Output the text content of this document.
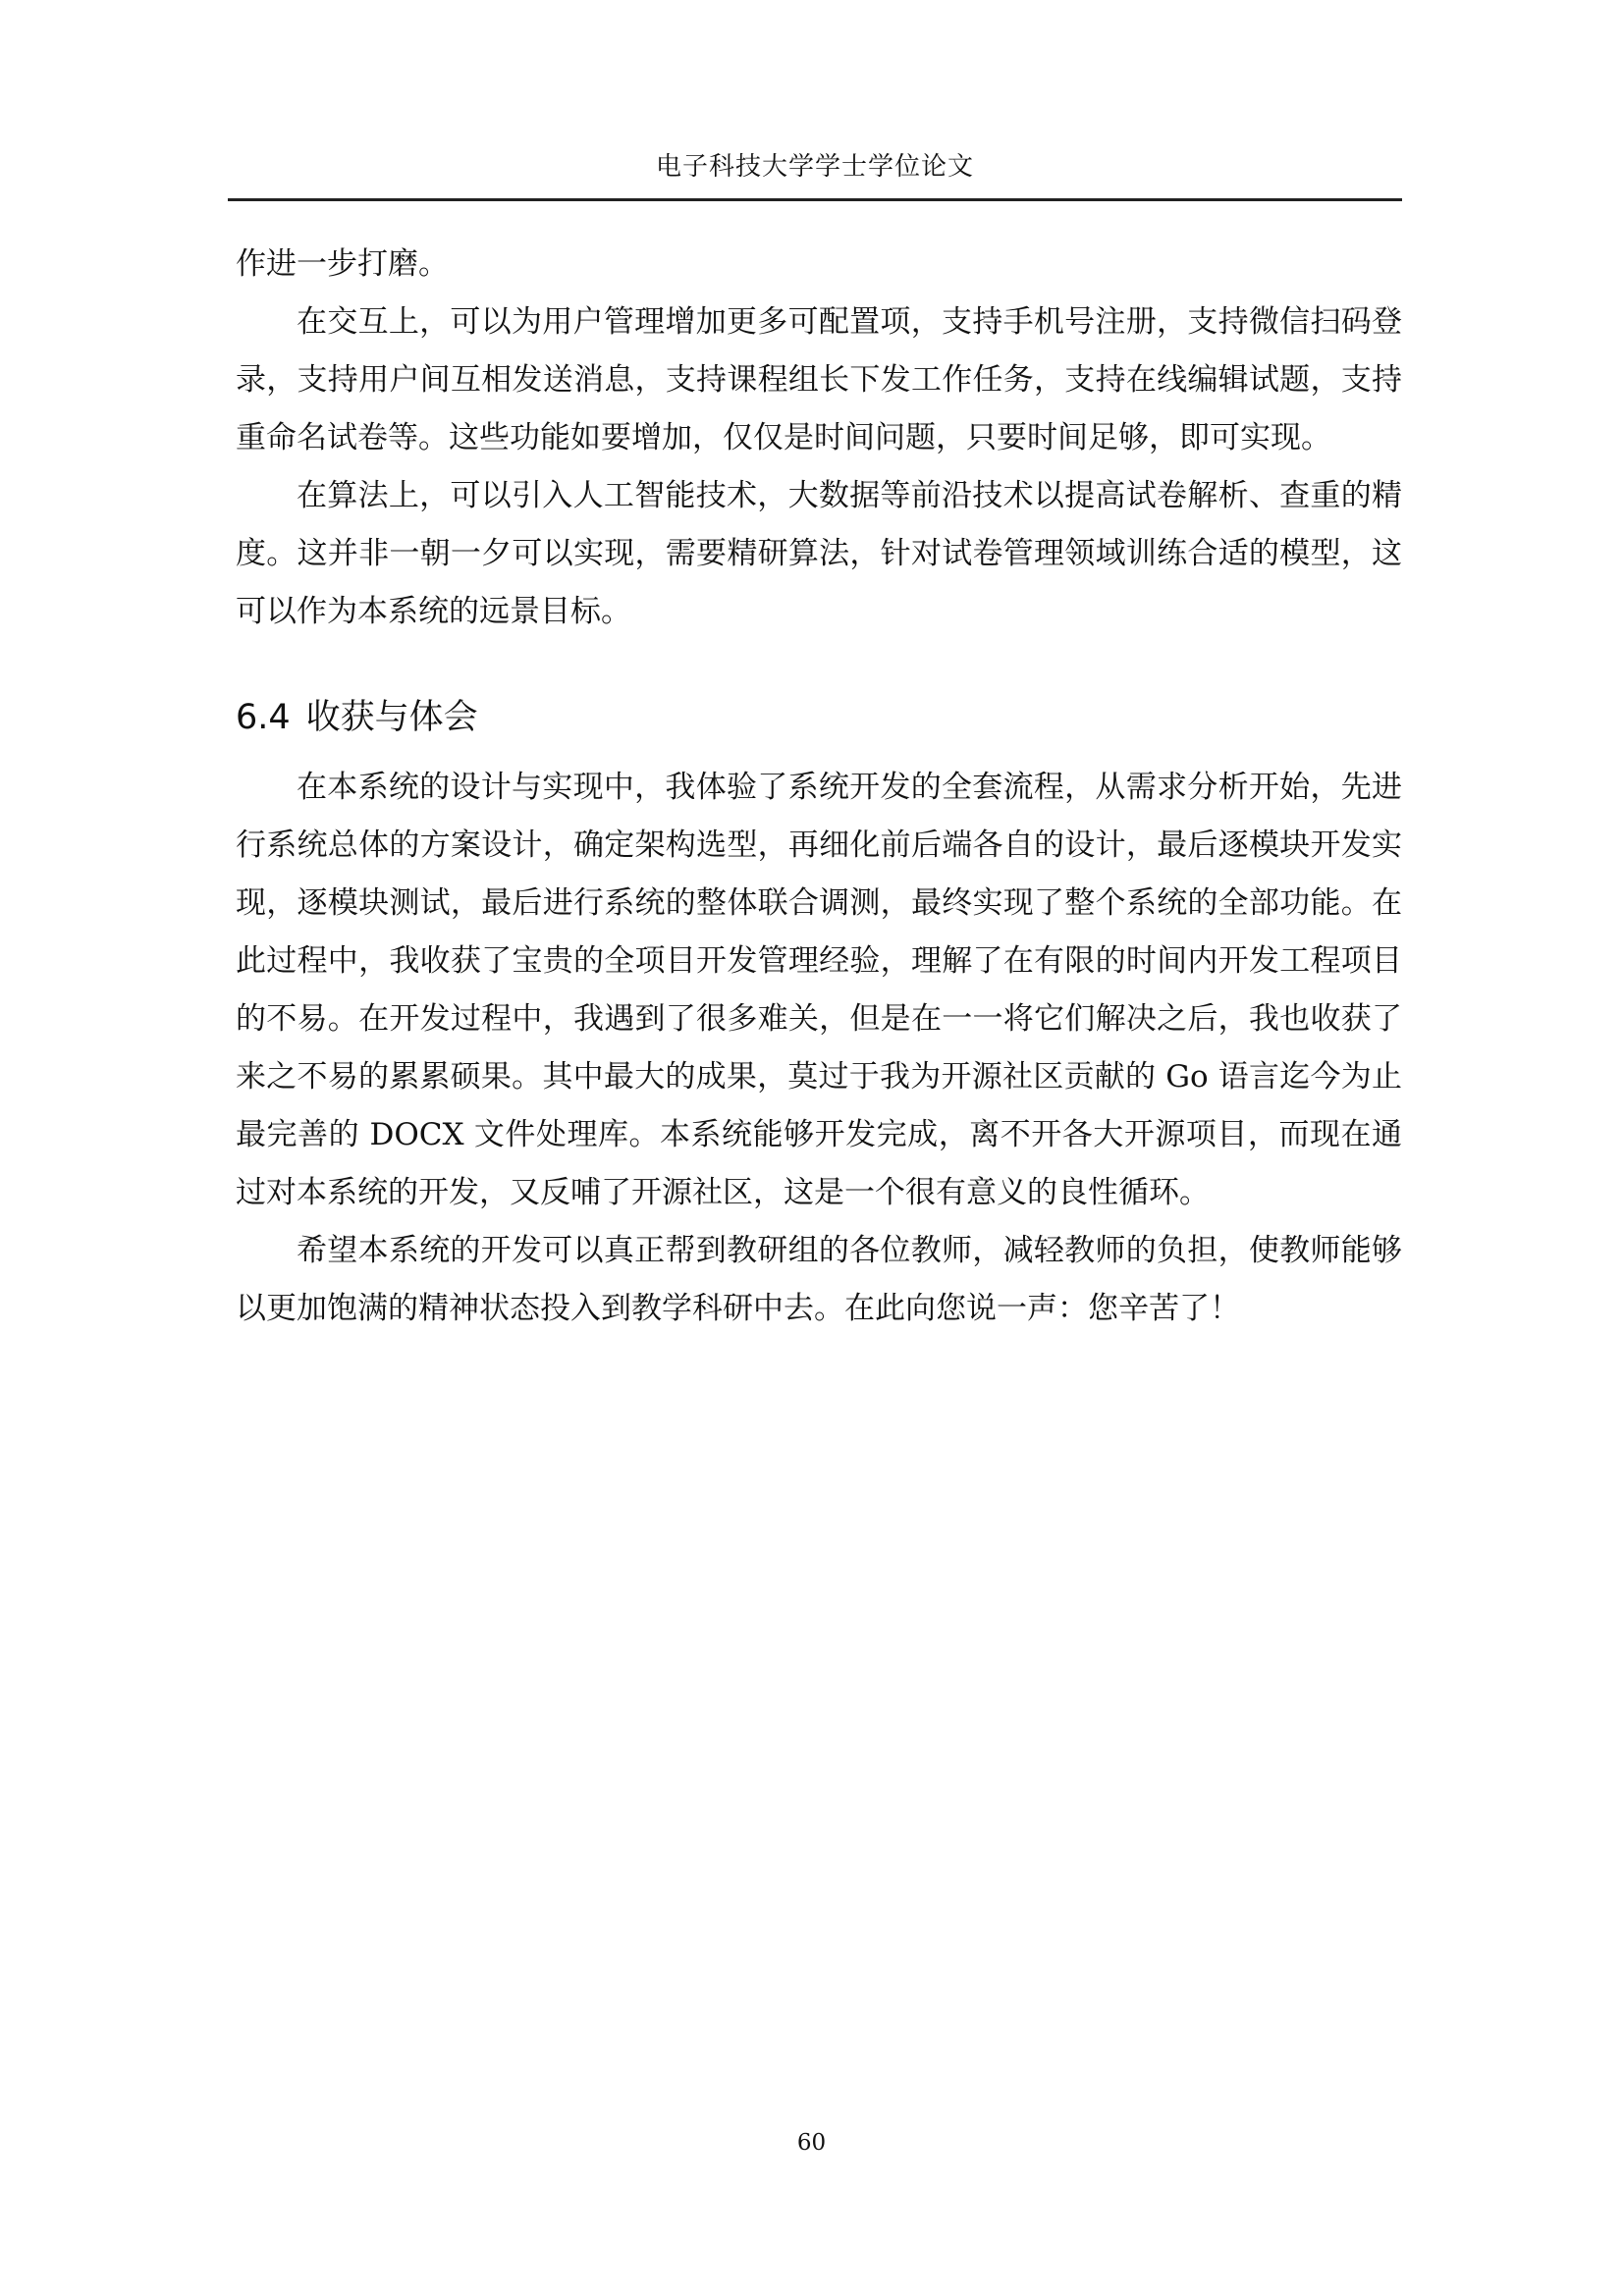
电子科技大学学士学位论文

作进一步打磨。

在交互上，可以为用户管理增加更多可配置项，支持手机号注册，支持微信扫码登录，支持用户间互相发送消息，支持课程组长下发工作任务，支持在线编辑试题，支持重命名试卷等。这些功能如要增加，仅仅是时间问题，只要时间足够，即可实现。

在算法上，可以引入人工智能技术，大数据等前沿技术以提高试卷解析、查重的精度。这并非一朝一夕可以实现，需要精研算法，针对试卷管理领域训练合适的模型，这可以作为本系统的远景目标。

6.4 收获与体会

在本系统的设计与实现中，我体验了系统开发的全套流程，从需求分析开始，先进行系统总体的方案设计，确定架构选型，再细化前后端各自的设计，最后逐模块开发实现，逐模块测试，最后进行系统的整体联合调测，最终实现了整个系统的全部功能。在此过程中，我收获了宝贵的全项目开发管理经验，理解了在有限的时间内开发工程项目的不易。在开发过程中，我遇到了很多难关，但是在一一将它们解决之后，我也收获了来之不易的累累硕果。其中最大的成果，莫过于我为开源社区贡献的 Go 语言迄今为止最完善的 DOCX 文件处理库。本系统能够开发完成，离不开各大开源项目，而现在通过对本系统的开发，又反哺了开源社区，这是一个很有意义的良性循环。

希望本系统的开发可以真正帮到教研组的各位教师，减轻教师的负担，使教师能够以更加饱满的精神状态投入到教学科研中去。在此向您说一声：您辛苦了！

60
